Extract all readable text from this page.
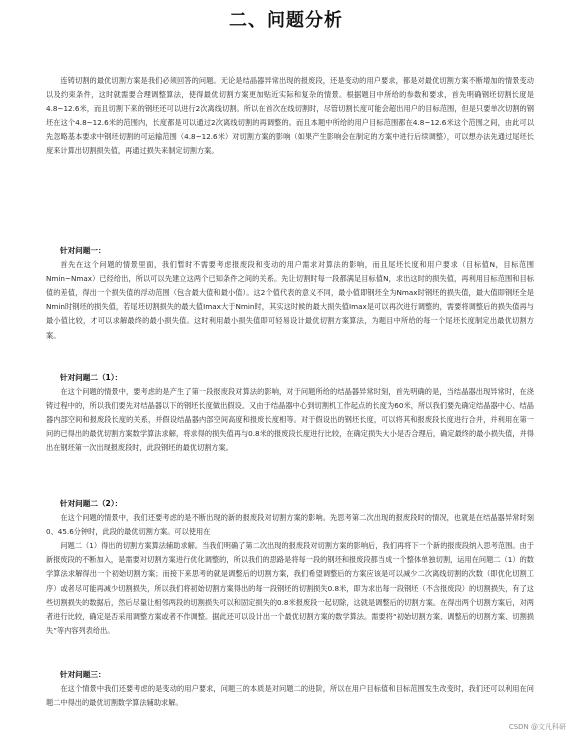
二、问题分析

连铸切割的最优切割方案是我们必须回答的问题。无论是结晶器异常出现的报废段，还是变动的用户要求，都是对最优切割方案不断增加的情景变动以及约束条件，这时就需要合理调整算法，使得最优切割方案更加贴近实际和复杂的情景。根据题目中所给的参数和要求，首先明确钢坯切割长度是4.8~12.6米，而且切割下来的钢坯还可以进行2次离线切割。所以在首次在线切割时，尽管切割长度可能会超出用户的目标范围，但是只要单次切割的钢坯在这个4.8~12.6米的范围内，长度都是可以通过2次离线切割的再调整的。而且本题中所给的用户目标范围都在4.8~12.6米这个范围之间，由此可以先忽略基本要求中钢坯切割的可运输范围（4.8~12.6米）对切割方案的影响（如果产生影响会在制定的方案中进行后续调整），可以想办法先通过尾坯长度来计算出切割损失值，再通过损失来制定切割方案。

针对问题一：

首先在这个问题的情景里面，我们暂时不需要考虑报废段和变动的用户需求对算法的影响，而且尾坯长度和用户要求（目标值N，目标范围Nmin~Nmax）已经给出，所以可以先建立这两个已知条件之间的关系。先让切割时每一段都满足目标值N，求出这时的损失值，再利用目标范围和目标值的差值，得出一个损失值的浮动范围（包含最大值和最小值）。这2个值代表的意义不同，最小值即钢坯全为Nmax时钢坯的损失值，最大值即钢坯全是Nmin时钢坯的损失值，若尾坯切割损失的最大值Imax大于Nmin时，其实这时候的最大损失值Imax是可以再次进行调整的，需要将调整后的损失值再与最小值比较，才可以求解最终的最小损失值。这时利用最小损失值即可轻易设计最优切割方案算法，为题目中所给的每一个尾坯长度制定出最优切割方案。

针对问题二（1）：

在这个问题的情景中，要考虑的是产生了第一段报废段对算法的影响，对于问题所给的结晶器异常时刻，首先明确的是，当结晶器出现异常时，在浇铸过程中的，所以我们要先对结晶器以下的钢坯长度做出假设。又由于结晶器中心到切割机工作起点的长度为60米，所以我们要先确定结晶器中心、结晶器内部空间和报废段长度的关系，并假设结晶器内部空间高度和报废长度相等。对于假设出的钢坯长度，可以将其和报废段长度进行合并，并利用在第一问的已得出的最优切割方案数学算法求解，将求得的损失值再与0.8米的报废段长度进行比较，在确定损失大小是否合理后，确定最终的最小损失值，并得出在钢坯第一次出现报废段时，此段钢坯的最优切割方案。

针对问题二（2）：

在这个问题的情景中，我们还要考虑的是不断出现的新的报废段对切割方案的影响。先思考第二次出现的报废段时的情况，也就是在结晶器异常时刻0、45.6分钟时，此段的最优切割方案。可以使用在

问题二（1）得出的切割方案算法辅助求解。当我们明确了第二次出现的报废段对切割方案的影响后，我们再将下一个新的报废段纳入思考范围。由于新报废段的不断加入，是需要对切割方案进行优化调整的，所以我们的思路是将每一段的钢坯和报废段都当成一个整体单独切割，运用在问题二（1）的数学算法求解得出一个初始切割方案；而接下来思考的就是调整后的切割方案，我们希望调整后的方案应该是可以减少二次离线切割的次数（即优化切割工序）或者尽可能再减少切割损失，所以我们将初始切割方案得出的每一段钢坯的切割损失0.8米，即为求出每一段钢坯（不含报废段）的切割损失，有了这些切割损失的数据后，然后尽量让相邻两段的切割损失可以和固定损失的0.8米报废段一起切除，这就是调整后的切割方案。在得出两个切割方案后，对两者进行比较，确定是否采用调整方案或者不作调整。据此还可以设计出一个最优切割方案的数学算法。需要将“初始切割方案、调整后的切割方案、切割损失”等内容列表给出。

针对问题三：

在这个情景中我们还要考虑的是变动的用户要求，问题三的本质是对问题二的进阶，所以在用户目标值和目标范围发生改变时，我们还可以利用在问题二中得出的最优切割数学算法辅助求解。

CSDN @文凡科研
